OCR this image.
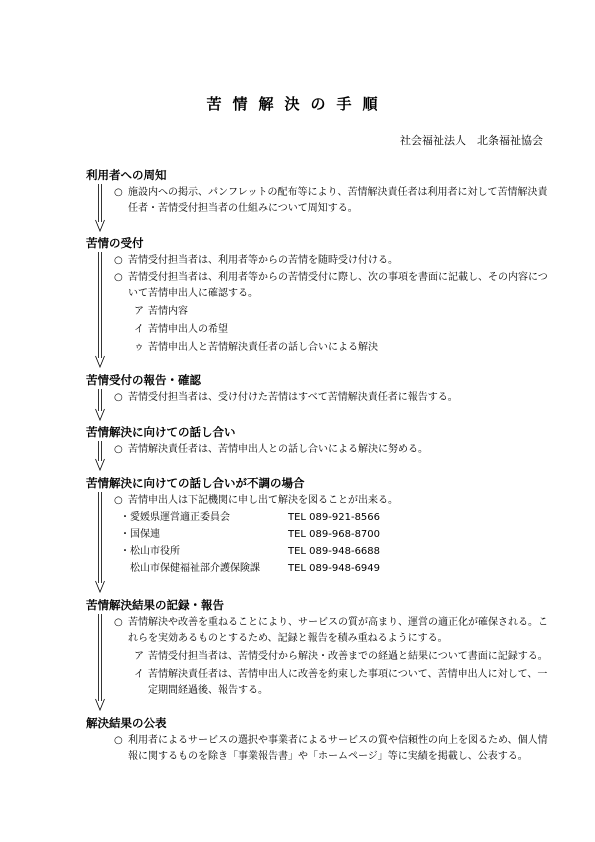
苦情解決の手順
社会福祉法人　北条福祉協会
利用者への周知
○ 施設内への掲示、パンフレットの配布等により、苦情解決責任者は利用者に対して苦情解決責任者・苦情受付担当者の仕組みについて周知する。
苦情の受付
○ 苦情受付担当者は、利用者等からの苦情を随時受け付ける。
○ 苦情受付担当者は、利用者等からの苦情受付に際し、次の事項を書面に記載し、その内容について苦情申出人に確認する。
ア 苦情内容
イ 苦情申出人の希望
ゥ 苦情申出人と苦情解決責任者の話し合いによる解決
苦情受付の報告・確認
○ 苦情受付担当者は、受け付けた苦情はすべて苦情解決責任者に報告する。
苦情解決に向けての話し合い
○ 苦情解決責任者は、苦情申出人との話し合いによる解決に努める。
苦情解決に向けての話し合いが不調の場合
○ 苦情申出人は下記機関に申し出て解決を図ることが出来る。
・ 愛媛県運営適正委員会	TEL 089-921-8566
・ 国保連	TEL 089-968-8700
・ 松山市役所	TEL 089-948-6688
松山市保健福祉部介護保険課	TEL 089-948-6949
苦情解決結果の記録・報告
○ 苦情解決や改善を重ねることにより、サービスの質が高まり、運営の適正化が確保される。これらを実効あるものとするため、記録と報告を積み重ねるようにする。
ア 苦情受付担当者は、苦情受付から解決・改善までの経過と結果について書面に記録する。
イ 苦情解決責任者は、苦情申出人に改善を約束した事項について、苦情申出人に対して、一定期間経過後、報告する。
解決結果の公表
○ 利用者によるサービスの選択や事業者によるサービスの質や信頼性の向上を図るため、個人情報に関するものを除き「事業報告書」や「ホームページ」等に実績を掲載し、公表する。
